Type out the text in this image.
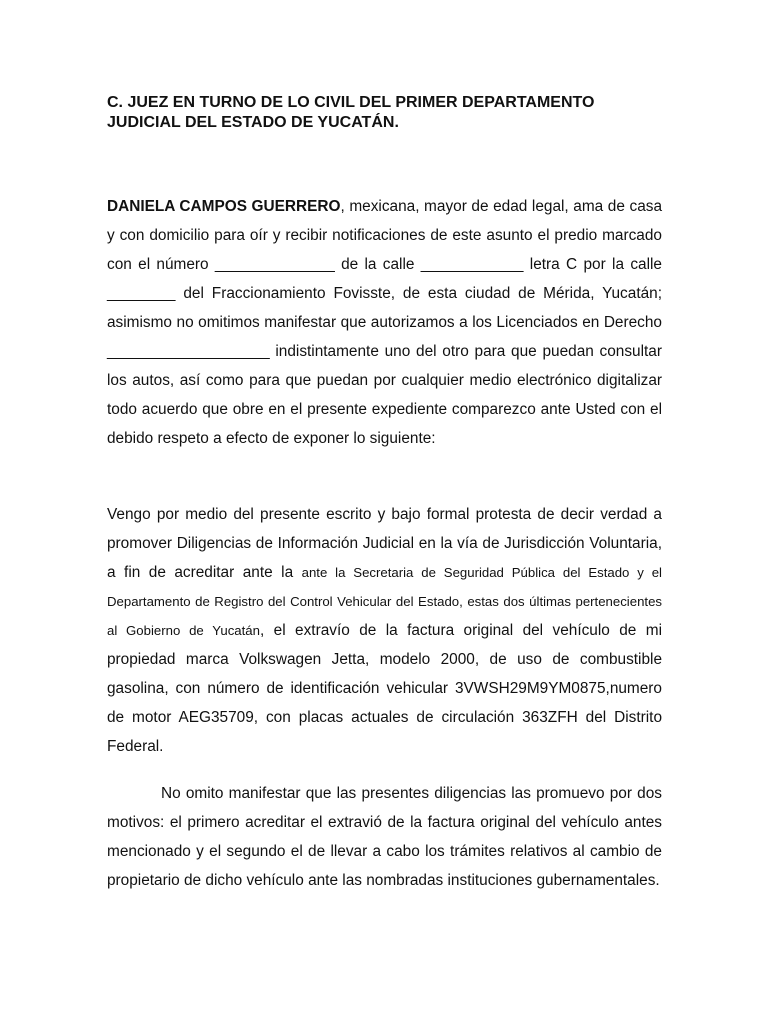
C. JUEZ EN TURNO DE LO CIVIL DEL PRIMER DEPARTAMENTO
JUDICIAL DEL ESTADO DE YUCATÁN.

DANIELA CAMPOS GUERRERO, mexicana, mayor de edad legal, ama de casa y con domicilio para oír y recibir notificaciones de este asunto el predio marcado con el número ______________ de la calle ____________ letra C por la calle ________ del Fraccionamiento Fovisste, de esta ciudad de Mérida, Yucatán; asimismo no omitimos manifestar que autorizamos a los Licenciados en Derecho ___________________ indistintamente uno del otro para que puedan consultar los autos, así como para que puedan por cualquier medio electrónico digitalizar todo acuerdo que obre en el presente expediente comparezco ante Usted con el debido respeto a efecto de exponer lo siguiente:

Vengo por medio del presente escrito y bajo formal protesta de decir verdad a promover Diligencias de Información Judicial en la vía de Jurisdicción Voluntaria, a fin de acreditar ante la ante la Secretaria de Seguridad Pública del Estado y el Departamento de Registro del Control Vehicular del Estado, estas dos últimas pertenecientes al Gobierno de Yucatán, el extravío de la factura original del vehículo de mi propiedad marca Volkswagen Jetta, modelo 2000, de uso de combustible gasolina, con número de identificación vehicular 3VWSH29M9YM0875,numero de motor AEG35709, con placas actuales de circulación 363ZFH del Distrito Federal.

No omito manifestar que las presentes diligencias las promuevo por dos motivos: el primero acreditar el extravió de la factura original del vehículo antes mencionado y el segundo el de llevar a cabo los trámites relativos al cambio de propietario de dicho vehículo ante las nombradas instituciones gubernamentales.
